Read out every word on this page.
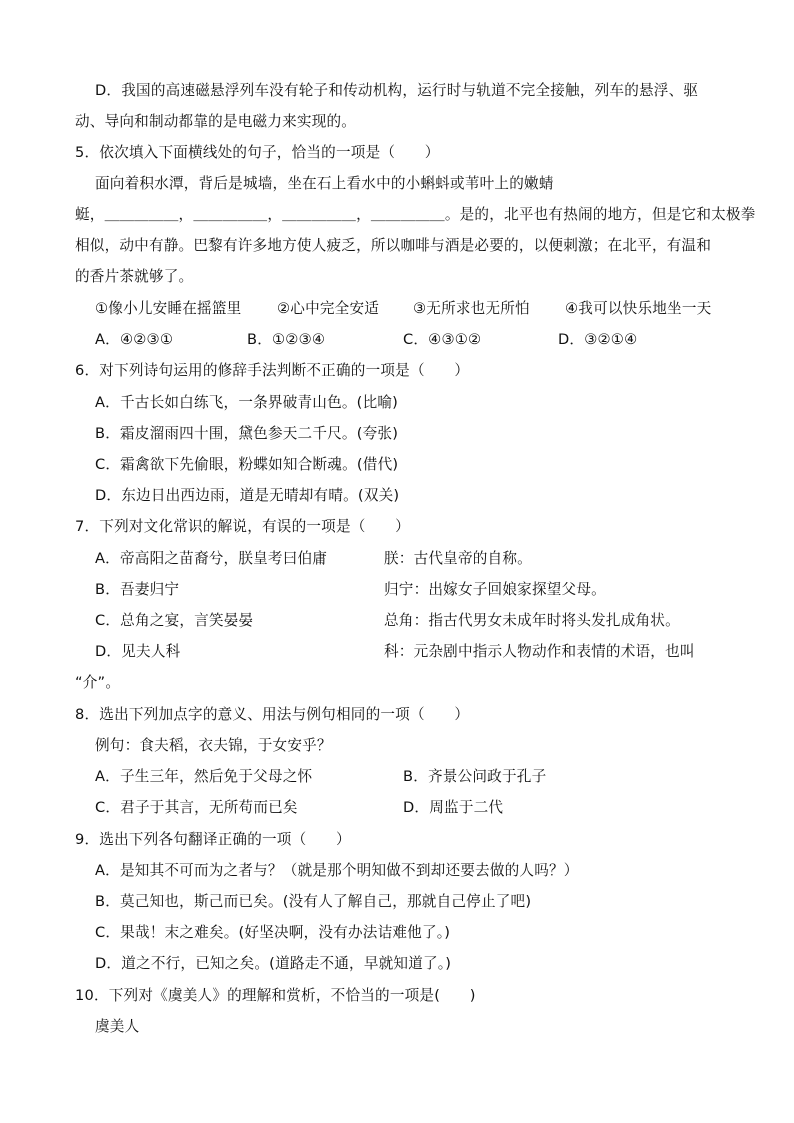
D．我国的高速磁悬浮列车没有轮子和传动机构，运行时与轨道不完全接触，列车的悬浮、驱
动、导向和制动都靠的是电磁力来实现的。
5．依次填入下面横线处的句子，恰当的一项是（　　）
面向着积水潭，背后是城墙，坐在石上看水中的小蝌蚪或苇叶上的嫩蜻
蜓，＿＿＿＿＿，＿＿＿＿＿，＿＿＿＿＿，＿＿＿＿＿。是的，北平也有热闹的地方，但是它和太极拳
相似，动中有静。巴黎有许多地方使人疲乏，所以咖啡与酒是必要的，以便刺激；在北平，有温和
的香片茶就够了。
①像小儿安睡在摇篮里 ②心中完全安适 ③无所求也无所怕 ④我可以快乐地坐一天
A．④②③①	B．①②③④	C．④③①②	D．③②①④
6．对下列诗句运用的修辞手法判断不正确的一项是（　　）
A．千古长如白练飞，一条界破青山色。(比喻)
B．霜皮溜雨四十围，黛色参天二千尺。(夸张)
C．霜禽欲下先偷眼，粉蝶如知合断魂。(借代)
D．东边日出西边雨，道是无晴却有晴。(双关)
7．下列对文化常识的解说，有误的一项是（　　）
A．帝高阳之苗裔兮，朕皇考曰伯庸	朕：古代皇帝的自称。
B．吾妻归宁	归宁：出嫁女子回娘家探望父母。
C．总角之宴，言笑晏晏	总角：指古代男女未成年时将头发扎成角状。
D．见夫人科	科：元杂剧中指示人物动作和表情的术语，也叫
“介”。
8．选出下列加点字的意义、用法与例句相同的一项（　　）
例句：食夫稻，衣夫锦，于女安乎？
A．子生三年，然后免于父母之怀	B．齐景公问政于孔子
C．君子于其言，无所苟而已矣	D．周监于二代
9．选出下列各句翻译正确的一项（　　）
A．是知其不可而为之者与？（就是那个明知做不到却还要去做的人吗？）
B．莫己知也，斯己而已矣。(没有人了解自己，那就自己停止了吧)
C．果哉！末之难矣。(好坚决啊，没有办法诘难他了。)
D．道之不行，已知之矣。(道路走不通，早就知道了。)
10．下列对《虞美人》的理解和赏析，不恰当的一项是(　　)
虞美人
